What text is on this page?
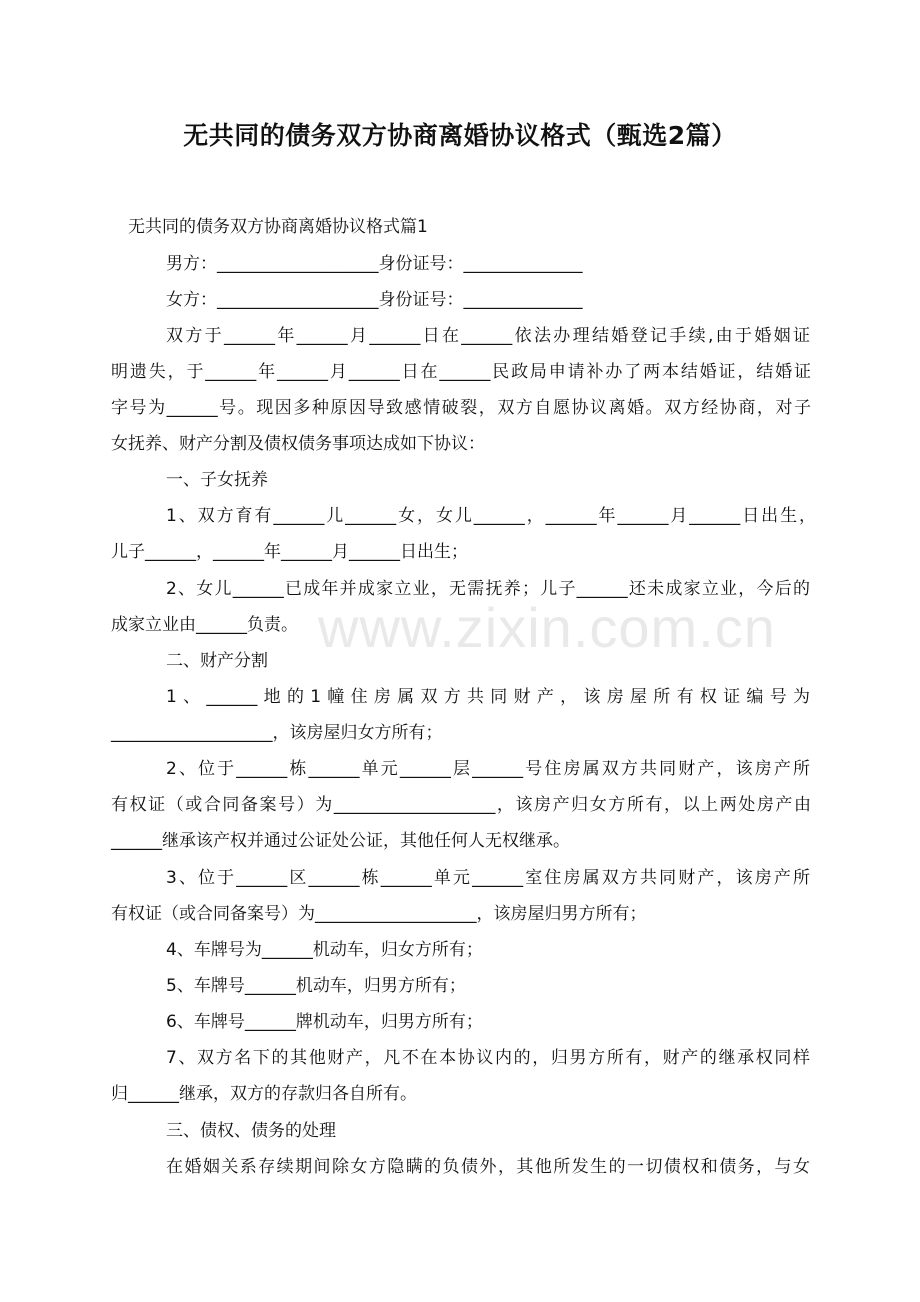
无共同的债务双方协商离婚协议格式（甄选2篇）

无共同的债务双方协商离婚协议格式篇1

男方：___________________身份证号：______________

女方：___________________身份证号：______________

双方于______年______月______日在______依法办理结婚登记手续,由于婚姻证

明遗失，于______年______月______日在______民政局申请补办了两本结婚证，结婚证

字号为______号。现因多种原因导致感情破裂，双方自愿协议离婚。双方经协商，对子

女抚养、财产分割及债权债务事项达成如下协议：

一、子女抚养

1、双方育有______儿______女，女儿______，______年______月______日出生，

儿子______，______年______月______日出生；

2、女儿______已成年并成家立业，无需抚养；儿子______还未成家立业，今后的

成家立业由______负责。

二、财产分割

1、______地的1幢住房属双方共同财产，该房屋所有权证编号为

___________________，该房屋归女方所有；

2、位于______栋______单元______层______号住房属双方共同财产，该房产所

有权证（或合同备案号）为___________________，该房产归女方所有，以上两处房产由

______继承该产权并通过公证处公证，其他任何人无权继承。

3、位于______区______栋______单元______室住房属双方共同财产，该房产所

有权证（或合同备案号）为___________________，该房屋归男方所有；

4、车牌号为______机动车，归女方所有；

5、车牌号______机动车，归男方所有；

6、车牌号______牌机动车，归男方所有；

7、双方名下的其他财产，凡不在本协议内的，归男方所有，财产的继承权同样

归______继承，双方的存款归各自所有。

三、债权、债务的处理

在婚姻关系存续期间除女方隐瞒的负债外，其他所发生的一切债权和债务，与女

www.zixin.com.cn
